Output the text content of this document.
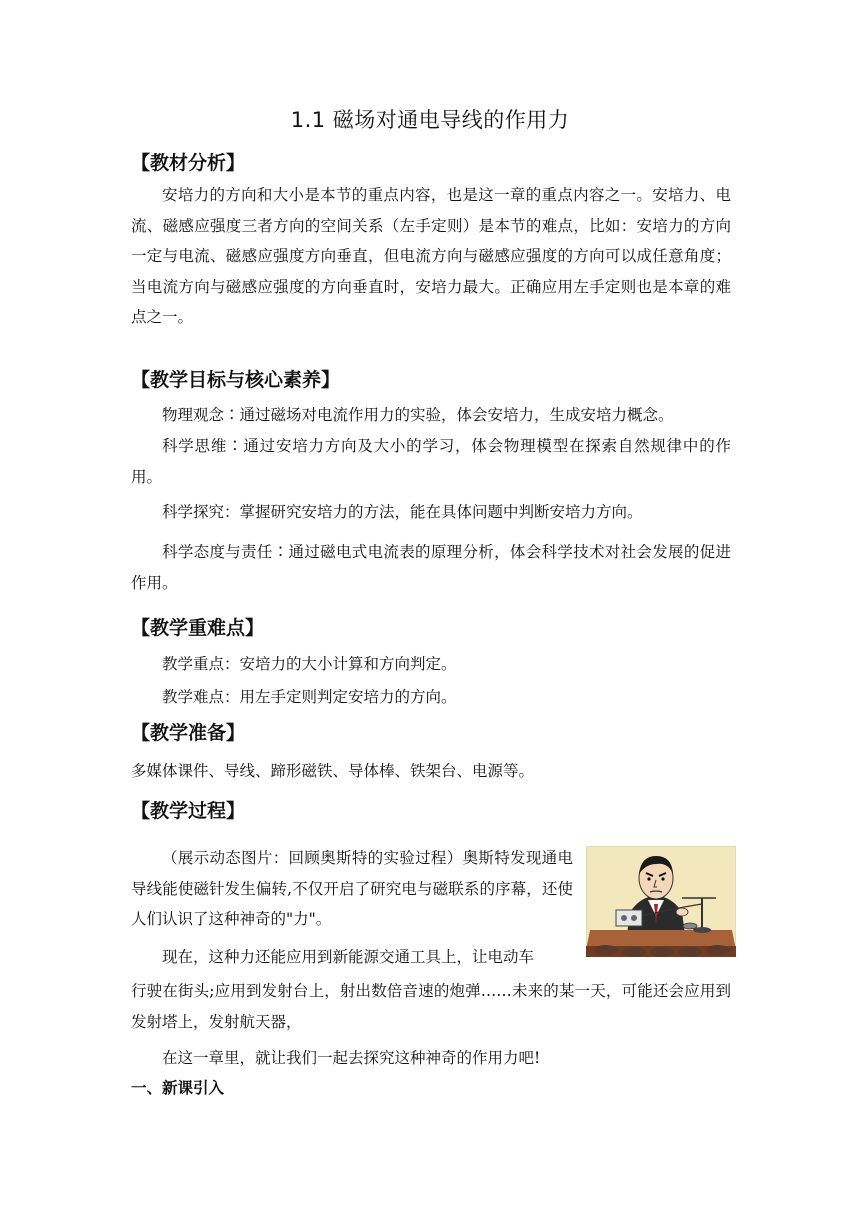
1.1 磁场对通电导线的作用力
【教材分析】
安培力的方向和大小是本节的重点内容，也是这一章的重点内容之一。安培力、电流、磁感应强度三者方向的空间关系（左手定则）是本节的难点，比如：安培力的方向一定与电流、磁感应强度方向垂直，但电流方向与磁感应强度的方向可以成任意角度；当电流方向与磁感应强度的方向垂直时，安培力最大。正确应用左手定则也是本章的难点之一。
【教学目标与核心素养】
物理观念∶通过磁场对电流作用力的实验，体会安培力，生成安培力概念。
科学思维∶通过安培力方向及大小的学习，体会物理模型在探索自然规律中的作用。
科学探究：掌握研究安培力的方法，能在具体问题中判断安培力方向。
科学态度与责任∶通过磁电式电流表的原理分析，体会科学技术对社会发展的促进作用。
【教学重难点】
教学重点：安培力的大小计算和方向判定。
教学难点：用左手定则判定安培力的方向。
【教学准备】
多媒体课件、导线、蹄形磁铁、导体棒、铁架台、电源等。
【教学过程】
（展示动态图片：回顾奥斯特的实验过程）奥斯特发现通电导线能使磁针发生偏转,不仅开启了研究电与磁联系的序幕，还使人们认识了这种神奇的"力"。
现在，这种力还能应用到新能源交通工具上，让电动车
行驶在街头;应用到发射台上，射出数倍音速的炮弹……未来的某一天，可能还会应用到发射塔上，发射航天器，
在这一章里，就让我们一起去探究这种神奇的作用力吧!
一、新课引入
